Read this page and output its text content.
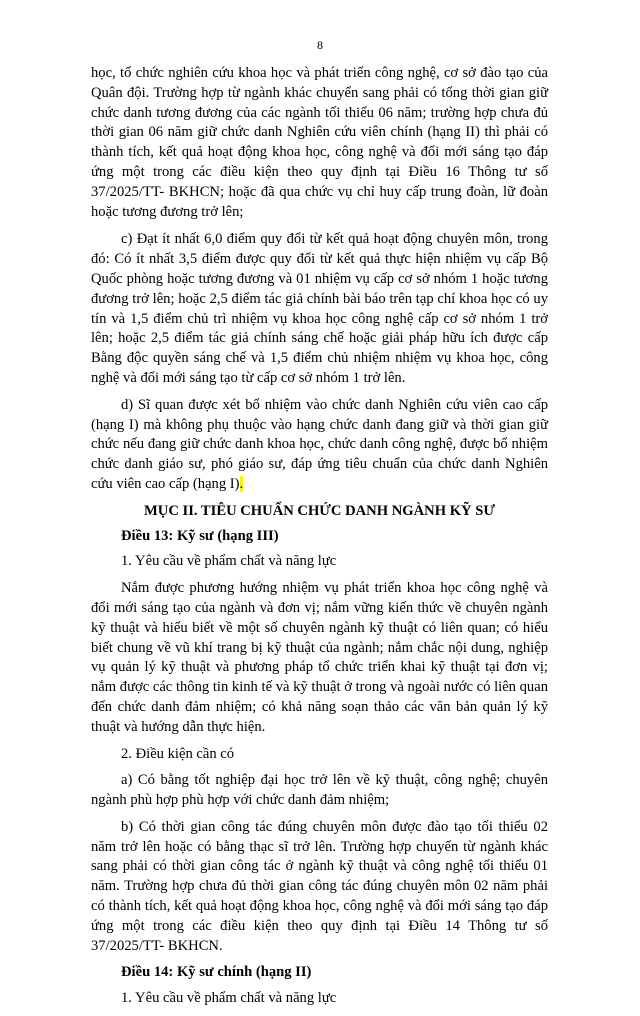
8

học, tổ chức nghiên cứu khoa học và phát triển công nghệ, cơ sở đào tạo của Quân đội. Trường hợp từ ngành khác chuyển sang phải có tổng thời gian giữ chức danh tương đương của các ngành tối thiểu 06 năm; trường hợp chưa đủ thời gian 06 năm giữ chức danh Nghiên cứu viên chính (hạng II) thì phải có thành tích, kết quả hoạt động khoa học, công nghệ và đổi mới sáng tạo đáp ứng một trong các điều kiện theo quy định tại Điều 16 Thông tư số 37/2025/TT- BKHCN; hoặc đã qua chức vụ chỉ huy cấp trung đoàn, lữ đoàn hoặc tương đương trở lên;

c) Đạt ít nhất 6,0 điểm quy đổi từ kết quả hoạt động chuyên môn, trong đó: Có ít nhất 3,5 điểm được quy đổi từ kết quả thực hiện nhiệm vụ cấp Bộ Quốc phòng hoặc tương đương và 01 nhiệm vụ cấp cơ sở nhóm 1 hoặc tương đương trở lên; hoặc 2,5 điểm tác giả chính bài báo trên tạp chí khoa học có uy tín và 1,5 điểm chủ trì nhiệm vụ khoa học công nghệ cấp cơ sở nhóm 1 trở lên; hoặc 2,5 điểm tác giả chính sáng chế hoặc giải pháp hữu ích được cấp Bằng độc quyền sáng chế và 1,5 điểm chủ nhiệm nhiệm vụ khoa học, công nghệ và đổi mới sáng tạo từ cấp cơ sở nhóm 1 trở lên.

d) Sĩ quan được xét bổ nhiệm vào chức danh Nghiên cứu viên cao cấp (hạng I) mà không phụ thuộc vào hạng chức danh đang giữ và thời gian giữ chức nếu đang giữ chức danh khoa học, chức danh công nghệ, được bổ nhiệm chức danh giáo sư, phó giáo sư, đáp ứng tiêu chuẩn của chức danh Nghiên cứu viên cao cấp (hạng I).

MỤC II. TIÊU CHUẨN CHỨC DANH NGÀNH KỸ SƯ
Điều 13: Kỹ sư (hạng III)

1. Yêu cầu về phẩm chất và năng lực

Nắm được phương hướng nhiệm vụ phát triển khoa học công nghệ và đổi mới sáng tạo của ngành và đơn vị; nắm vững kiến thức về chuyên ngành kỹ thuật và hiểu biết về một số chuyên ngành kỹ thuật có liên quan; có hiểu biết chung về vũ khí trang bị kỹ thuật của ngành; nắm chắc nội dung, nghiệp vụ quản lý kỹ thuật và phương pháp tổ chức triển khai kỹ thuật tại đơn vị; nắm được các thông tin kinh tế và kỹ thuật ở trong và ngoài nước có liên quan đến chức danh đảm nhiệm; có khả năng soạn thảo các văn bản quản lý kỹ thuật và hướng dẫn thực hiện.

2. Điều kiện cần có

a) Có bằng tốt nghiệp đại học trở lên về kỹ thuật, công nghệ; chuyên ngành phù hợp phù hợp với chức danh đảm nhiệm;

b) Có thời gian công tác đúng chuyên môn được đào tạo tối thiểu 02 năm trở lên hoặc có bằng thạc sĩ trở lên. Trường hợp chuyển từ ngành khác sang phải có thời gian công tác ở ngành kỹ thuật và công nghệ tối thiểu 01 năm. Trường hợp chưa đủ thời gian công tác đúng chuyên môn 02 năm phải có thành tích, kết quả hoạt động khoa học, công nghệ và đổi mới sáng tạo đáp ứng một trong các điều kiện theo quy định tại Điều 14 Thông tư số 37/2025/TT- BKHCN.

Điều 14: Kỹ sư chính (hạng II)

1. Yêu cầu về phẩm chất và năng lực
